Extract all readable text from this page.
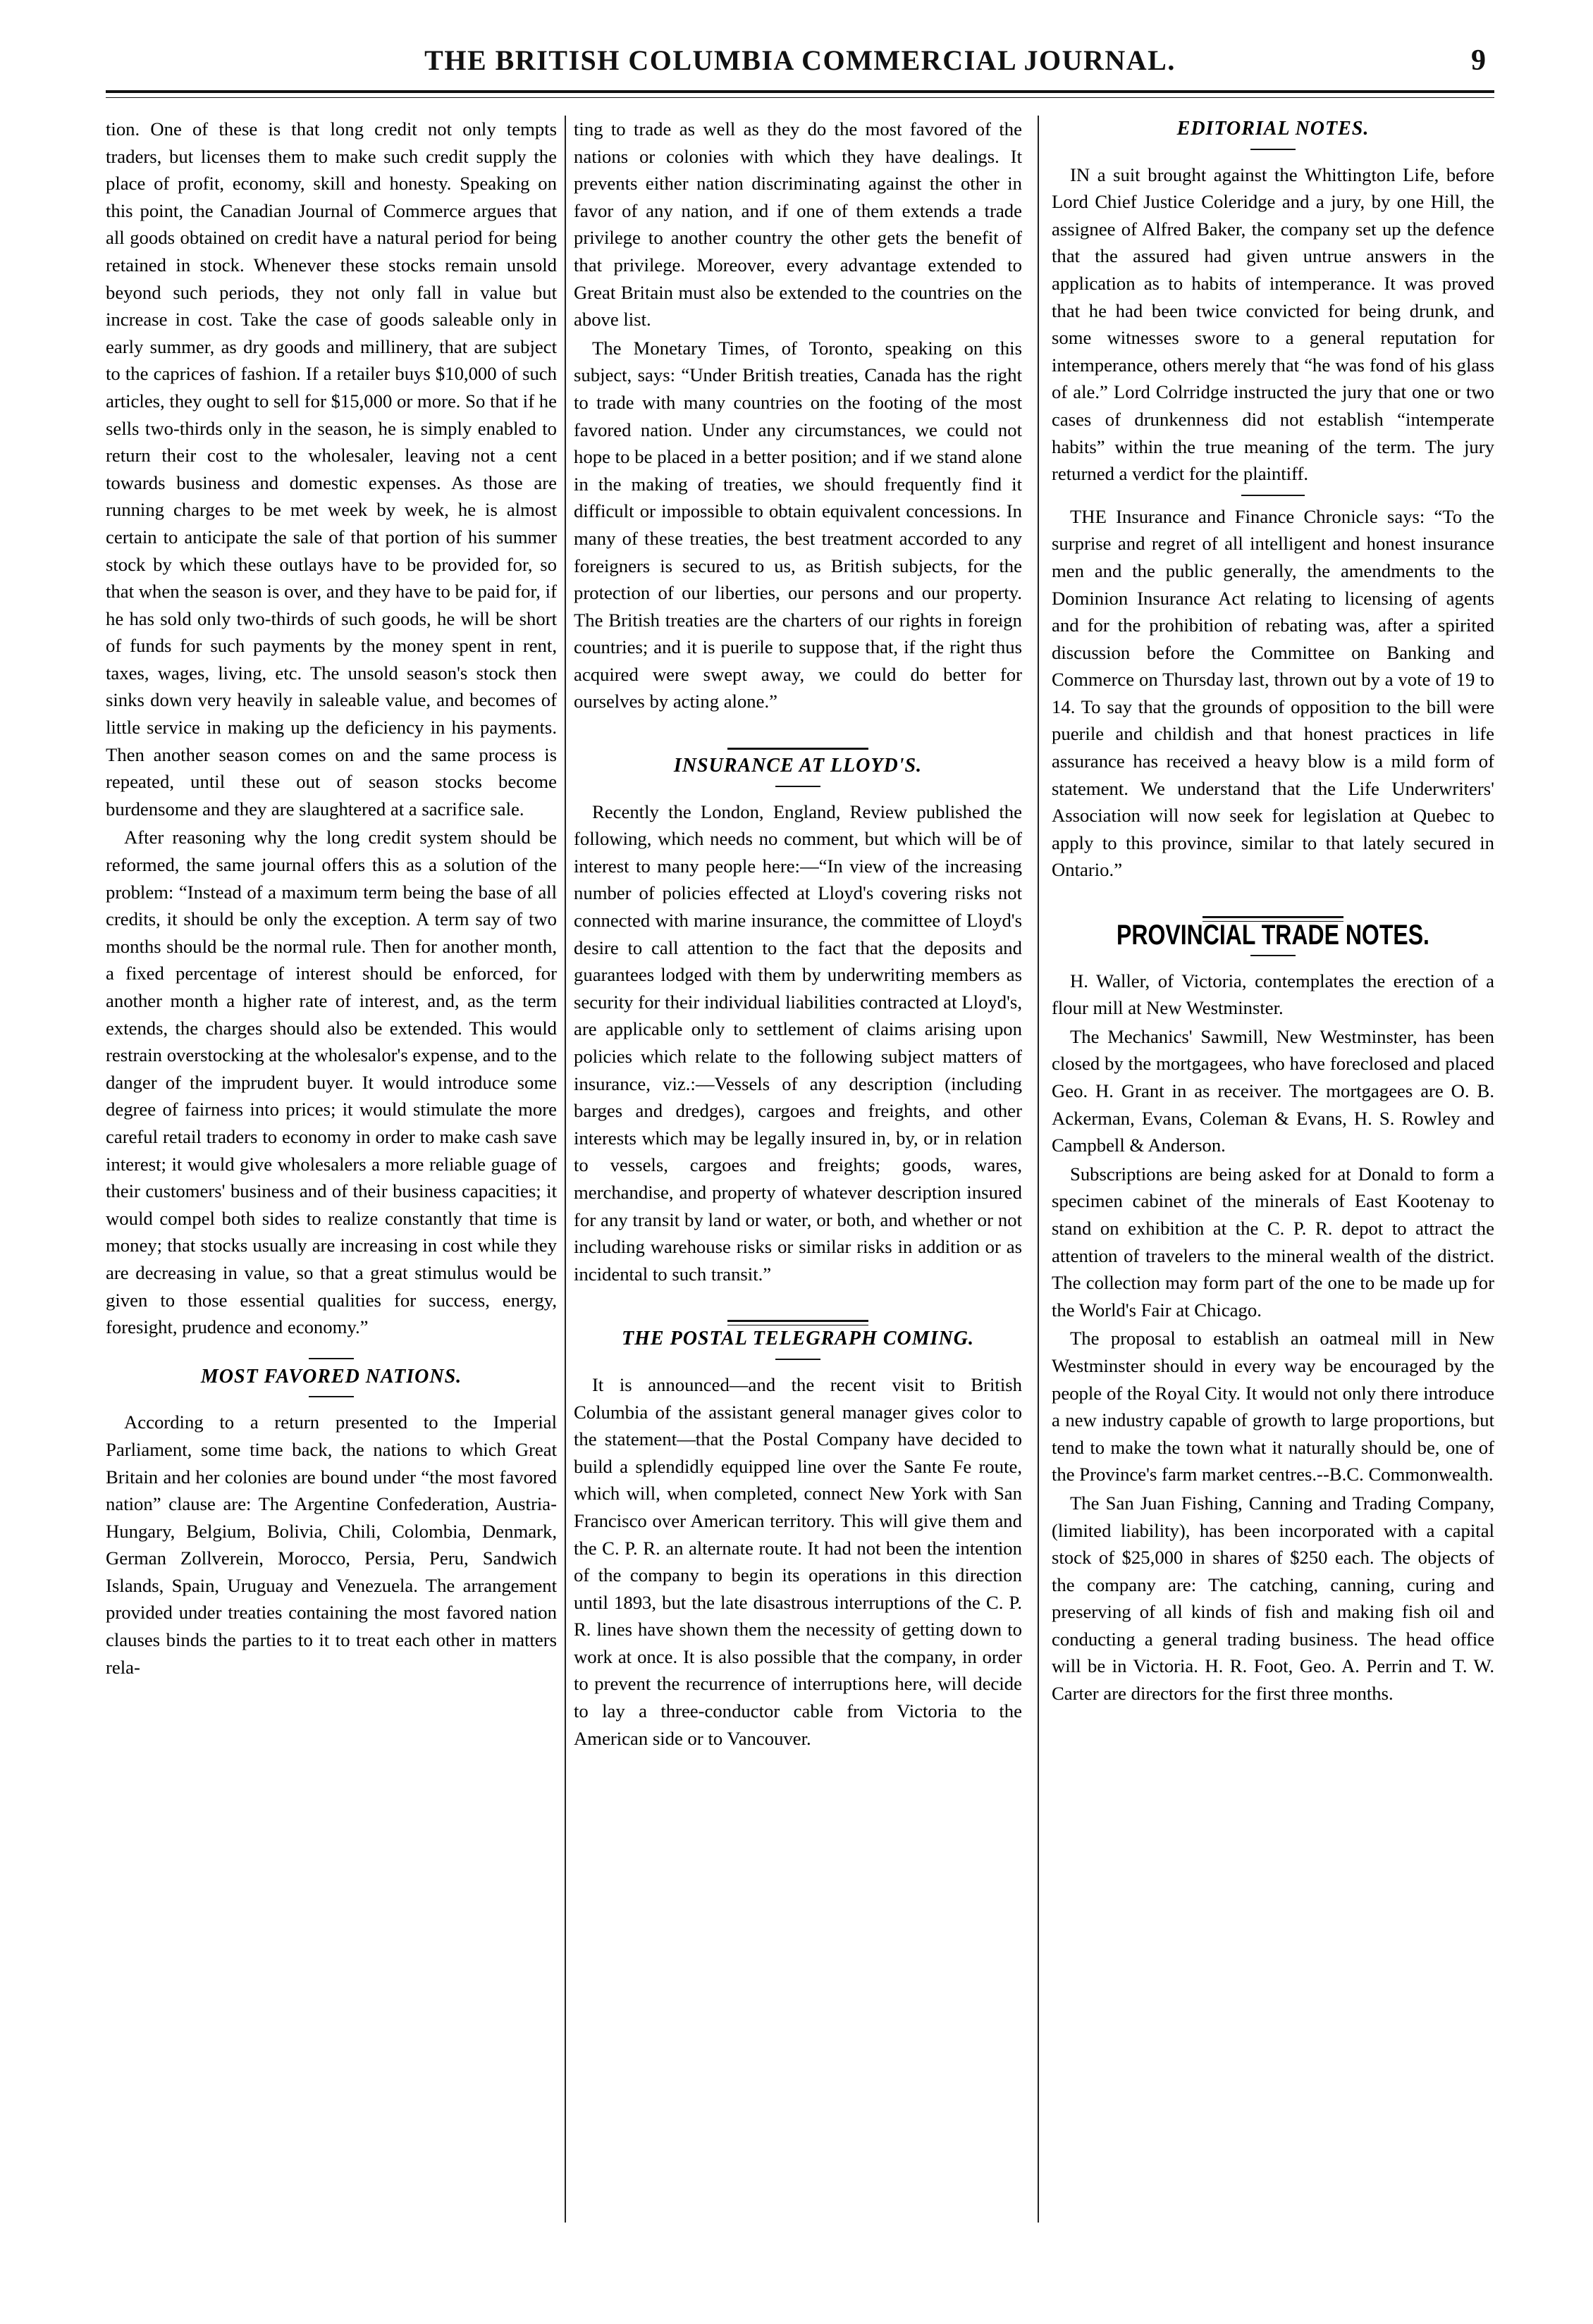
THE BRITISH COLUMBIA COMMERCIAL JOURNAL.	9

tion. One of these is that long credit not only tempts traders, but licenses them to make such credit supply the place of profit, economy, skill and honesty. Speaking on this point, the Canadian Journal of Commerce argues that all goods obtained on credit have a natural period for being retained in stock. Whenever these stocks remain unsold beyond such periods, they not only fall in value but increase in cost. Take the case of goods saleable only in early summer, as dry goods and millinery, that are subject to the caprices of fashion. If a retailer buys $10,000 of such articles, they ought to sell for $15,000 or more. So that if he sells two-thirds only in the season, he is simply enabled to return their cost to the wholesaler, leaving not a cent towards business and domestic expenses. As those are running charges to be met week by week, he is almost certain to anticipate the sale of that portion of his summer stock by which these outlays have to be provided for, so that when the season is over, and they have to be paid for, if he has sold only two-thirds of such goods, he will be short of funds for such payments by the money spent in rent, taxes, wages, living, etc. The unsold season's stock then sinks down very heavily in saleable value, and becomes of little service in making up the deficiency in his payments. Then another season comes on and the same process is repeated, until these out of season stocks become burdensome and they are slaughtered at a sacrifice sale.

After reasoning why the long credit system should be reformed, the same journal offers this as a solution of the problem: “Instead of a maximum term being the base of all credits, it should be only the exception. A term say of two months should be the normal rule. Then for another month, a fixed percentage of interest should be enforced, for another month a higher rate of interest, and, as the term extends, the charges should also be extended. This would restrain overstocking at the wholesalor's expense, and to the danger of the imprudent buyer. It would introduce some degree of fairness into prices; it would stimulate the more careful retail traders to economy in order to make cash save interest; it would give wholesalers a more reliable guage of their customers' business and of their business capacities; it would compel both sides to realize constantly that time is money; that stocks usually are increasing in cost while they are decreasing in value, so that a great stimulus would be given to those essential qualities for success, energy, foresight, prudence and economy.”

MOST FAVORED NATIONS.

According to a return presented to the Imperial Parliament, some time back, the nations to which Great Britain and her colonies are bound under “the most favored nation” clause are: The Argentine Confederation, Austria-Hungary, Belgium, Bolivia, Chili, Colombia, Denmark, German Zollverein, Morocco, Persia, Peru, Sandwich Islands, Spain, Uruguay and Venezuela. The arrangement provided under treaties containing the most favored nation clauses binds the parties to it to treat each other in matters rela-

ting to trade as well as they do the most favored of the nations or colonies with which they have dealings. It prevents either nation discriminating against the other in favor of any nation, and if one of them extends a trade privilege to another country the other gets the benefit of that privilege. Moreover, every advantage extended to Great Britain must also be extended to the countries on the above list.

The Monetary Times, of Toronto, speaking on this subject, says: “Under British treaties, Canada has the right to trade with many countries on the footing of the most favored nation. Under any circumstances, we could not hope to be placed in a better position; and if we stand alone in the making of treaties, we should frequently find it difficult or impossible to obtain equivalent concessions. In many of these treaties, the best treatment accorded to any foreigners is secured to us, as British subjects, for the protection of our liberties, our persons and our property. The British treaties are the charters of our rights in foreign countries; and it is puerile to suppose that, if the right thus acquired were swept away, we could do better for ourselves by acting alone.”

INSURANCE AT LLOYD'S.

Recently the London, England, Review published the following, which needs no comment, but which will be of interest to many people here:—“In view of the increasing number of policies effected at Lloyd's covering risks not connected with marine insurance, the committee of Lloyd's desire to call attention to the fact that the deposits and guarantees lodged with them by underwriting members as security for their individual liabilities contracted at Lloyd's, are applicable only to settlement of claims arising upon policies which relate to the following subject matters of insurance, viz.:—Vessels of any description (including barges and dredges), cargoes and freights, and other interests which may be legally insured in, by, or in relation to vessels, cargoes and freights; goods, wares, merchandise, and property of whatever description insured for any transit by land or water, or both, and whether or not including warehouse risks or similar risks in addition or as incidental to such transit.”

THE POSTAL TELEGRAPH COMING.

It is announced—and the recent visit to British Columbia of the assistant general manager gives color to the statement—that the Postal Company have decided to build a splendidly equipped line over the Sante Fe route, which will, when completed, connect New York with San Francisco over American territory. This will give them and the C. P. R. an alternate route. It had not been the intention of the company to begin its operations in this direction until 1893, but the late disastrous interruptions of the C. P. R. lines have shown them the necessity of getting down to work at once. It is also possible that the company, in order to prevent the recurrence of interruptions here, will decide to lay a three-conductor cable from Victoria to the American side or to Vancouver.

EDITORIAL NOTES.

IN a suit brought against the Whittington Life, before Lord Chief Justice Coleridge and a jury, by one Hill, the assignee of Alfred Baker, the company set up the defence that the assured had given untrue answers in the application as to habits of intemperance. It was proved that he had been twice convicted for being drunk, and some witnesses swore to a general reputation for intemperance, others merely that “he was fond of his glass of ale.” Lord Colrridge instructed the jury that one or two cases of drunkenness did not establish “intemperate habits” within the true meaning of the term. The jury returned a verdict for the plaintiff.

THE Insurance and Finance Chronicle says: “To the surprise and regret of all intelligent and honest insurance men and the public generally, the amendments to the Dominion Insurance Act relating to licensing of agents and for the prohibition of rebating was, after a spirited discussion before the Committee on Banking and Commerce on Thursday last, thrown out by a vote of 19 to 14. To say that the grounds of opposition to the bill were puerile and childish and that honest practices in life assurance has received a heavy blow is a mild form of statement. We understand that the Life Underwriters' Association will now seek for legislation at Quebec to apply to this province, similar to that lately secured in Ontario.”

PROVINCIAL TRADE NOTES.

H. Waller, of Victoria, contemplates the erection of a flour mill at New Westminster.

The Mechanics' Sawmill, New Westminster, has been closed by the mortgagees, who have foreclosed and placed Geo. H. Grant in as receiver. The mortgagees are O. B. Ackerman, Evans, Coleman & Evans, H. S. Rowley and Campbell & Anderson.

Subscriptions are being asked for at Donald to form a specimen cabinet of the minerals of East Kootenay to stand on exhibition at the C. P. R. depot to attract the attention of travelers to the mineral wealth of the district. The collection may form part of the one to be made up for the World's Fair at Chicago.

The proposal to establish an oatmeal mill in New Westminster should in every way be encouraged by the people of the Royal City. It would not only there introduce a new industry capable of growth to large proportions, but tend to make the town what it naturally should be, one of the Province's farm market centres.--B.C. Commonwealth.

The San Juan Fishing, Canning and Trading Company, (limited liability), has been incorporated with a capital stock of $25,000 in shares of $250 each. The objects of the company are: The catching, canning, curing and preserving of all kinds of fish and making fish oil and conducting a general trading business. The head office will be in Victoria. H. R. Foot, Geo. A. Perrin and T. W. Carter are directors for the first three months.
